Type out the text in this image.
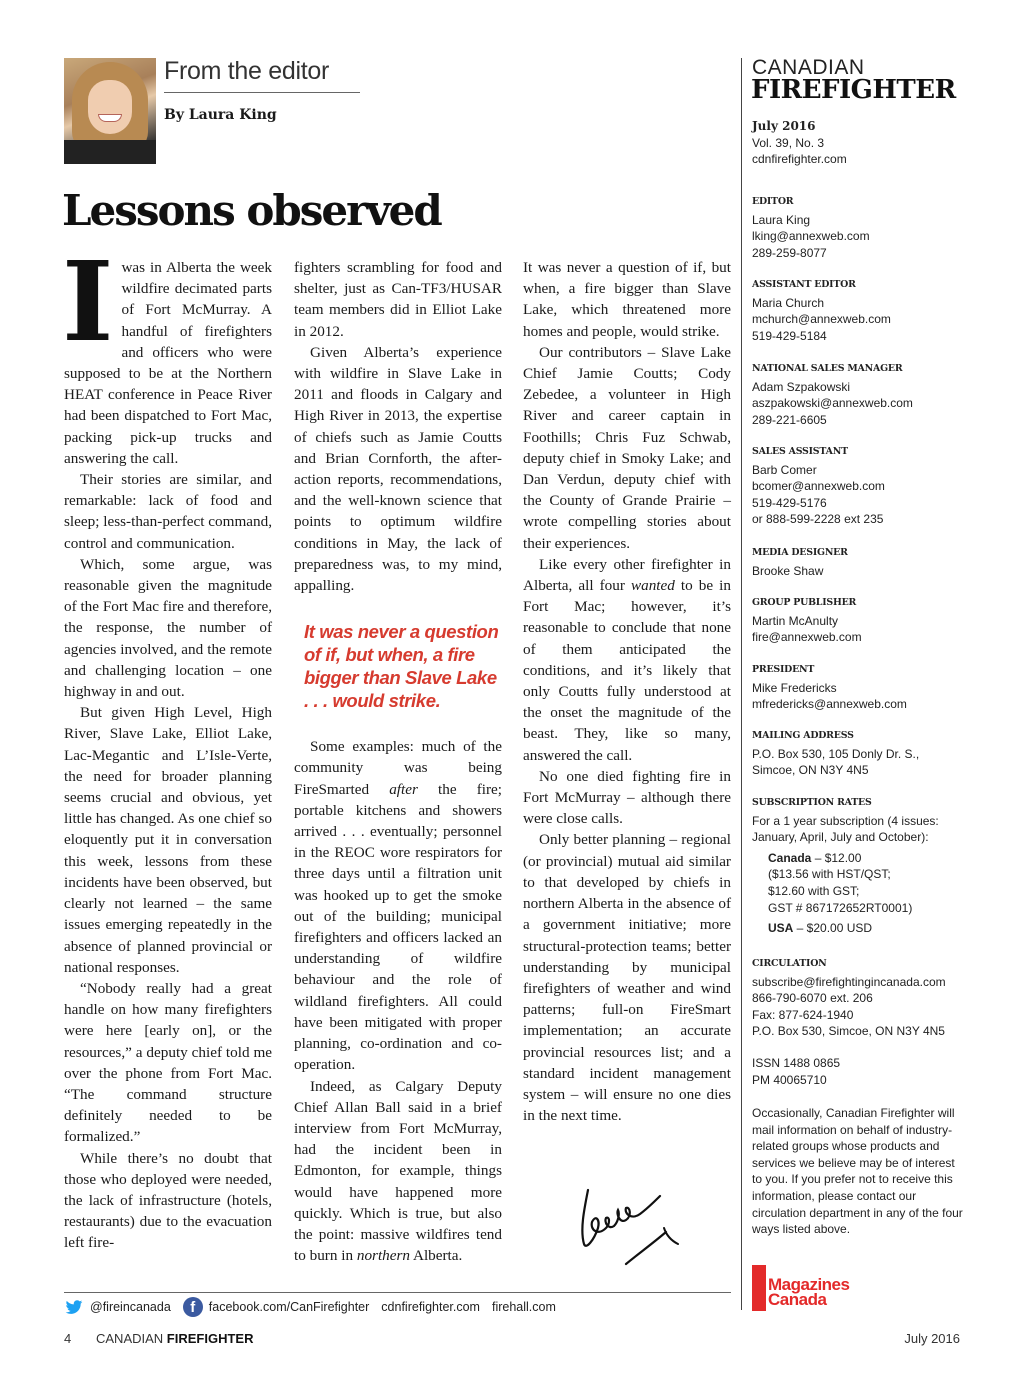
From the editor
By Laura King
Lessons observed
I was in Alberta the week wildfire decimated parts of Fort McMurray. A handful of firefighters and officers who were supposed to be at the Northern HEAT conference in Peace River had been dispatched to Fort Mac, packing pick-up trucks and answering the call.

Their stories are similar, and remarkable: lack of food and sleep; less-than-perfect command, control and communication.

Which, some argue, was reasonable given the magnitude of the Fort Mac fire and therefore, the response, the number of agencies involved, and the remote and challenging location – one highway in and out.

But given High Level, High River, Slave Lake, Elliot Lake, Lac-Megantic and L’Isle-Verte, the need for broader planning seems crucial and obvious, yet little has changed. As one chief so eloquently put it in conversation this week, lessons from these incidents have been observed, but clearly not learned – the same issues emerging repeatedly in the absence of planned provincial or national responses.

“Nobody really had a great handle on how many firefighters were here [early on], or the resources,” a deputy chief told me over the phone from Fort Mac. “The command structure definitely needed to be formalized.”

While there’s no doubt that those who deployed were needed, the lack of infrastructure (hotels, restaurants) due to the evacuation left fire-

fighters scrambling for food and shelter, just as Can-TF3/HUSAR team members did in Elliot Lake in 2012.

Given Alberta’s experience with wildfire in Slave Lake in 2011 and floods in Calgary and High River in 2013, the expertise of chiefs such as Jamie Coutts and Brian Cornforth, the after-action reports, recommendations, and the well-known science that points to optimum wildfire conditions in May, the lack of preparedness was, to my mind, appalling.

It was never a question of if, but when, a fire bigger than Slave Lake . . . would strike.

Some examples: much of the community was being FireSmarted after the fire; portable kitchens and showers arrived . . . eventually; personnel in the REOC wore respirators for three days until a filtration unit was hooked up to get the smoke out of the building; municipal firefighters and officers lacked an understanding of wildfire behaviour and the role of wildland firefighters. All could have been mitigated with proper planning, co-ordination and co-operation.

Indeed, as Calgary Deputy Chief Allan Ball said in a brief interview from Fort McMurray, had the incident been in Edmonton, for example, things would have happened more quickly. Which is true, but also the point: massive wildfires tend to burn in northern Alberta.

It was never a question of if, but when, a fire bigger than Slave Lake, which threatened more homes and people, would strike.

Our contributors – Slave Lake Chief Jamie Coutts; Cody Zebedee, a volunteer in High River and career captain in Foothills; Chris Fuz Schwab, deputy chief in Smoky Lake; and Dan Verdun, deputy chief with the County of Grande Prairie – wrote compelling stories about their experiences.

Like every other firefighter in Alberta, all four wanted to be in Fort Mac; however, it’s reasonable to conclude that none of them anticipated the conditions, and it’s likely that only Coutts fully understood at the onset the magnitude of the beast. They, like so many, answered the call.

No one died fighting fire in Fort McMurray – although there were close calls.

Only better planning – regional (or provincial) mutual aid similar to that developed by chiefs in northern Alberta in the absence of a government initiative; more structural-protection teams; better understanding by municipal firefighters of weather and wind patterns; full-on FireSmart implementation; an accurate provincial resources list; and a standard incident management system – will ensure no one dies in the next time.

CANADIAN
FIREFIGHTER
July 2016
Vol. 39, No. 3
cdnfirefighter.com
EDITOR
Laura King
lking@annexweb.com
289-259-8077
ASSISTANT EDITOR
Maria Church
mchurch@annexweb.com
519-429-5184
NATIONAL SALES MANAGER
Adam Szpakowski
aszpakowski@annexweb.com
289-221-6605
SALES ASSISTANT
Barb Comer
bcomer@annexweb.com
519-429-5176
or 888-599-2228 ext 235
MEDIA DESIGNER
Brooke Shaw
GROUP PUBLISHER
Martin McAnulty
fire@annexweb.com
PRESIDENT
Mike Fredericks
mfredericks@annexweb.com
MAILING ADDRESS
P.O. Box 530, 105 Donly Dr. S.,
Simcoe, ON N3Y 4N5
SUBSCRIPTION RATES
For a 1 year subscription (4 issues:
January, April, July and October):
Canada – $12.00
($13.56 with HST/QST;
$12.60 with GST;
GST # 867172652RT0001)
USA – $20.00 USD
CIRCULATION
subscribe@firefightingincanada.com
866-790-6070 ext. 206
Fax: 877-624-1940
P.O. Box 530, Simcoe, ON N3Y 4N5
ISSN 1488 0865
PM 40065710
Occasionally, Canadian Firefighter will mail information on behalf of industry-related groups whose products and services we believe may be of interest to you. If you prefer not to receive this information, please contact our circulation department in any of the four ways listed above.
Magazines
Canada
@fireincanada	f	facebook.com/CanFirefighter cdnfirefighter.com firehall.com
4 CANADIAN FIREFIGHTER	July 2016
